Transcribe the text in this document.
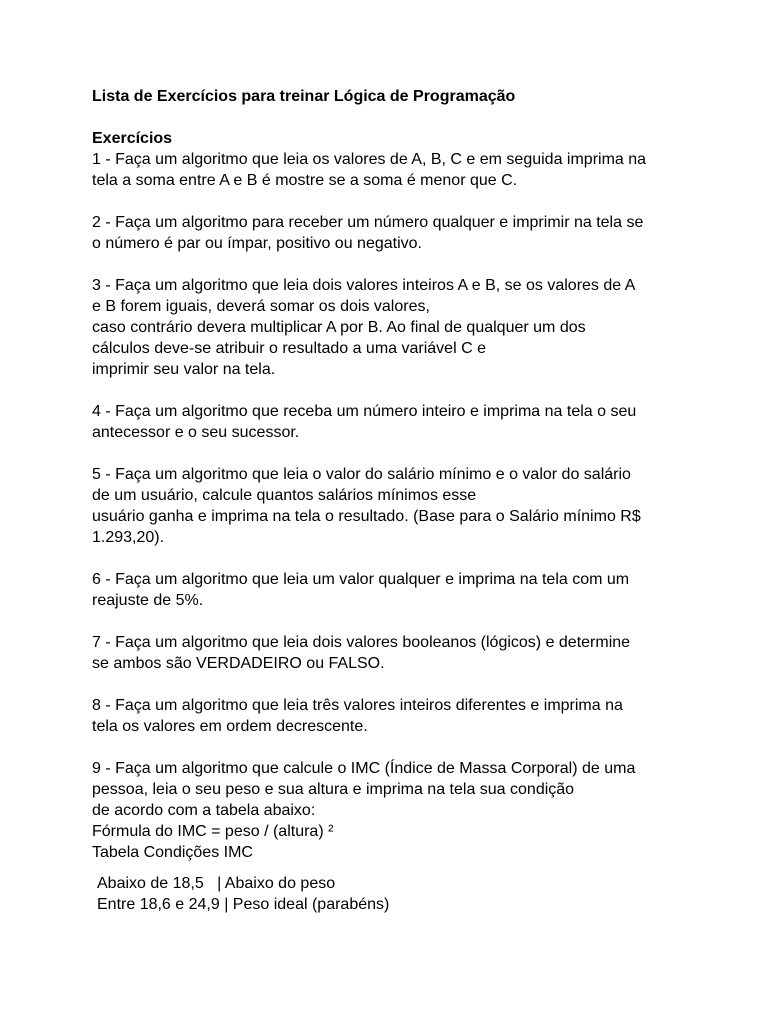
Lista de Exercícios para treinar Lógica de Programação

Exercícios
1 - Faça um algoritmo que leia os valores de A, B, C e em seguida imprima na
tela a soma entre A e B é mostre se a soma é menor que C.
2 - Faça um algoritmo para receber um número qualquer e imprimir na tela se
o número é par ou ímpar, positivo ou negativo.
3 - Faça um algoritmo que leia dois valores inteiros A e B, se os valores de A
e B forem iguais, deverá somar os dois valores,
caso contrário devera multiplicar A por B. Ao final de qualquer um dos
cálculos deve-se atribuir o resultado a uma variável C e
imprimir seu valor na tela.
4 - Faça um algoritmo que receba um número inteiro e imprima na tela o seu
antecessor e o seu sucessor.
5 - Faça um algoritmo que leia o valor do salário mínimo e o valor do salário
de um usuário, calcule quantos salários mínimos esse
usuário ganha e imprima na tela o resultado. (Base para o Salário mínimo R$
1.293,20).
6 - Faça um algoritmo que leia um valor qualquer e imprima na tela com um
reajuste de 5%.
7 - Faça um algoritmo que leia dois valores booleanos (lógicos) e determine
se ambos são VERDADEIRO ou FALSO.
8 - Faça um algoritmo que leia três valores inteiros diferentes e imprima na
tela os valores em ordem decrescente.
9 - Faça um algoritmo que calcule o IMC (Índice de Massa Corporal) de uma
pessoa, leia o seu peso e sua altura e imprima na tela sua condição
de acordo com a tabela abaixo:
Fórmula do IMC = peso / (altura) ²
Tabela Condições IMC
Abaixo de 18,5   | Abaixo do peso
Entre 18,6 e 24,9 | Peso ideal (parabéns)
